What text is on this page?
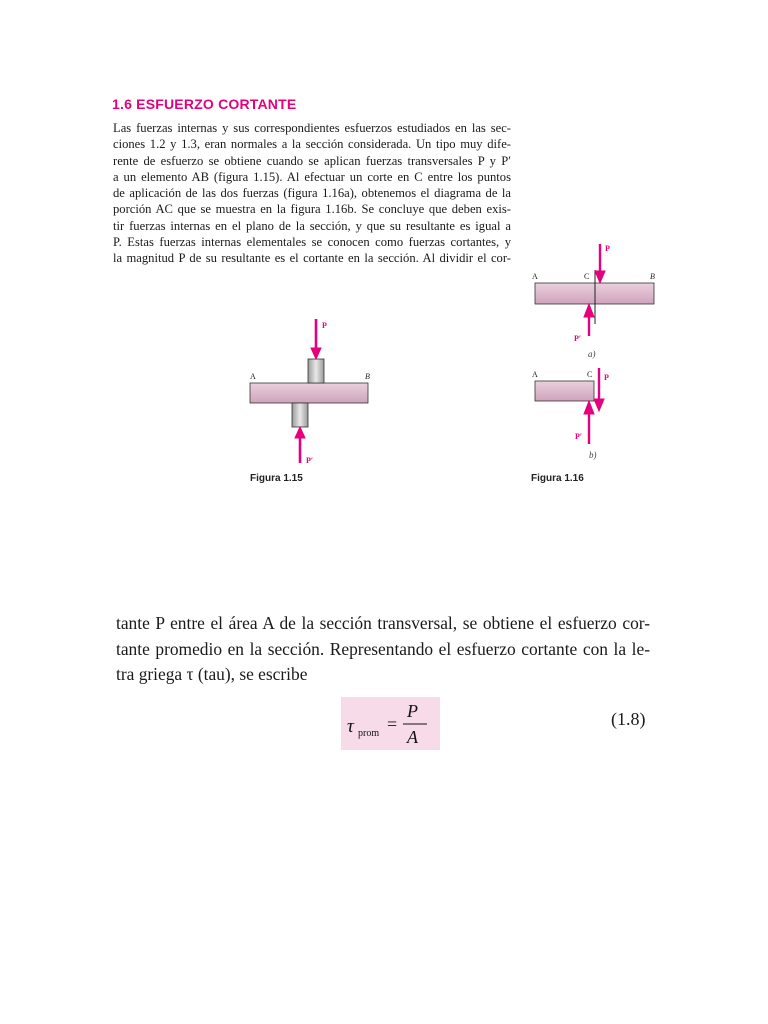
1.6 ESFUERZO CORTANTE

Las fuerzas internas y sus correspondientes esfuerzos estudiados en las sec-
ciones 1.2 y 1.3, eran normales a la sección considerada. Un tipo muy dife-
rente de esfuerzo se obtiene cuando se aplican fuerzas transversales P y P′
a un elemento AB (figura 1.15). Al efectuar un corte en C entre los puntos
de aplicación de las dos fuerzas (figura 1.16a), obtenemos el diagrama de la
porción AC que se muestra en la figura 1.16b. Se concluye que deben exis-
tir fuerzas internas en el plano de la sección, y que su resultante es igual a
P. Estas fuerzas internas elementales se conocen como fuerzas cortantes, y
la magnitud P de su resultante es el cortante en la sección. Al dividir el cor-

A	B
P
P′
Figura 1.15
A	C	B
P
P′
a)
A	C P
P′
b)
Figura 1.16

tante P entre el área A de la sección transversal, se obtiene el esfuerzo cor-
tante promedio en la sección. Representando el esfuerzo cortante con la le-
tra griega τ (tau), se escribe

τ prom =
P
A
(1.8)
